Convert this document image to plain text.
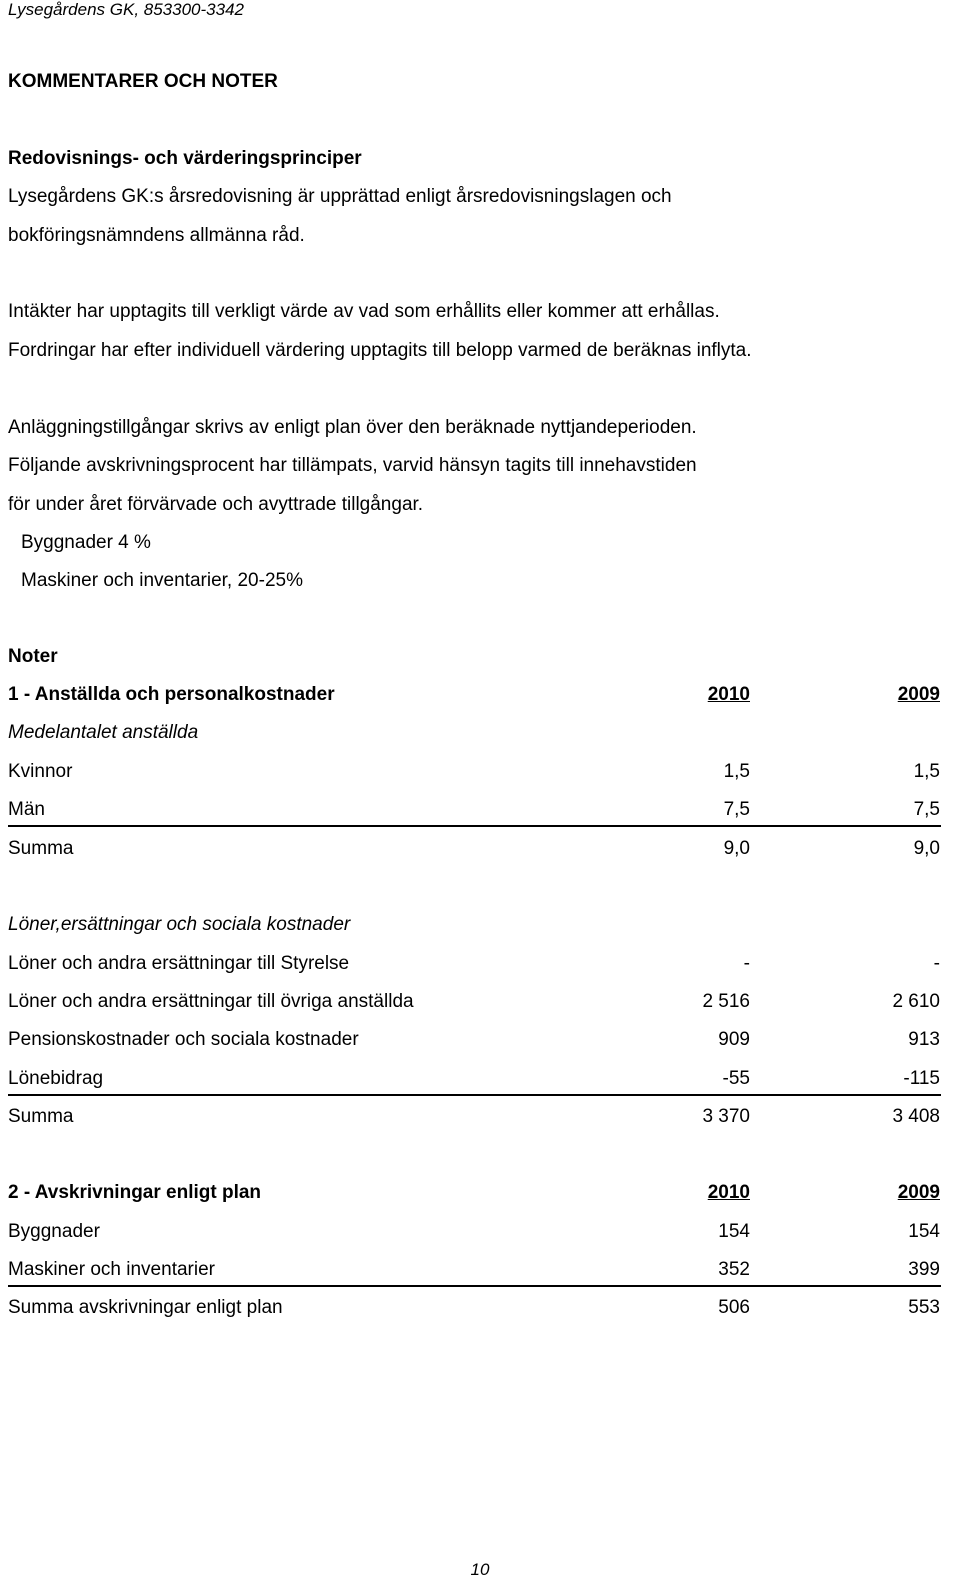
Lysegårdens GK, 853300-3342
KOMMENTARER OCH NOTER
Redovisnings- och värderingsprinciper
Lysegårdens GK:s årsredovisning är upprättad enligt årsredovisningslagen och
bokföringsnämndens allmänna råd.
Intäkter har upptagits till verkligt värde av vad som erhållits eller kommer att erhållas.
Fordringar har efter individuell värdering upptagits till belopp varmed de beräknas inflyta.
Anläggningstillgångar skrivs av enligt plan över den beräknade nyttjandeperioden.
Följande avskrivningsprocent har tillämpats, varvid hänsyn tagits till innehavstiden
för under året förvärvade och avyttrade tillgångar.
Byggnader 4 %
Maskiner och inventarier, 20-25%
Noter
1 - Anställda och personalkostnader	2010	2009
Medelantalet anställda
Kvinnor	1,5	1,5
Män	7,5	7,5
Summa	9,0	9,0
Löner,ersättningar och sociala kostnader
Löner och andra ersättningar till Styrelse	-	-
Löner och andra ersättningar till övriga anställda	2 516	2 610
Pensionskostnader och sociala kostnader	909	913
Lönebidrag	-55	-115
Summa	3 370	3 408
2 - Avskrivningar enligt plan	2010	2009
Byggnader	154	154
Maskiner och inventarier	352	399
Summa avskrivningar enligt plan	506	553
10
